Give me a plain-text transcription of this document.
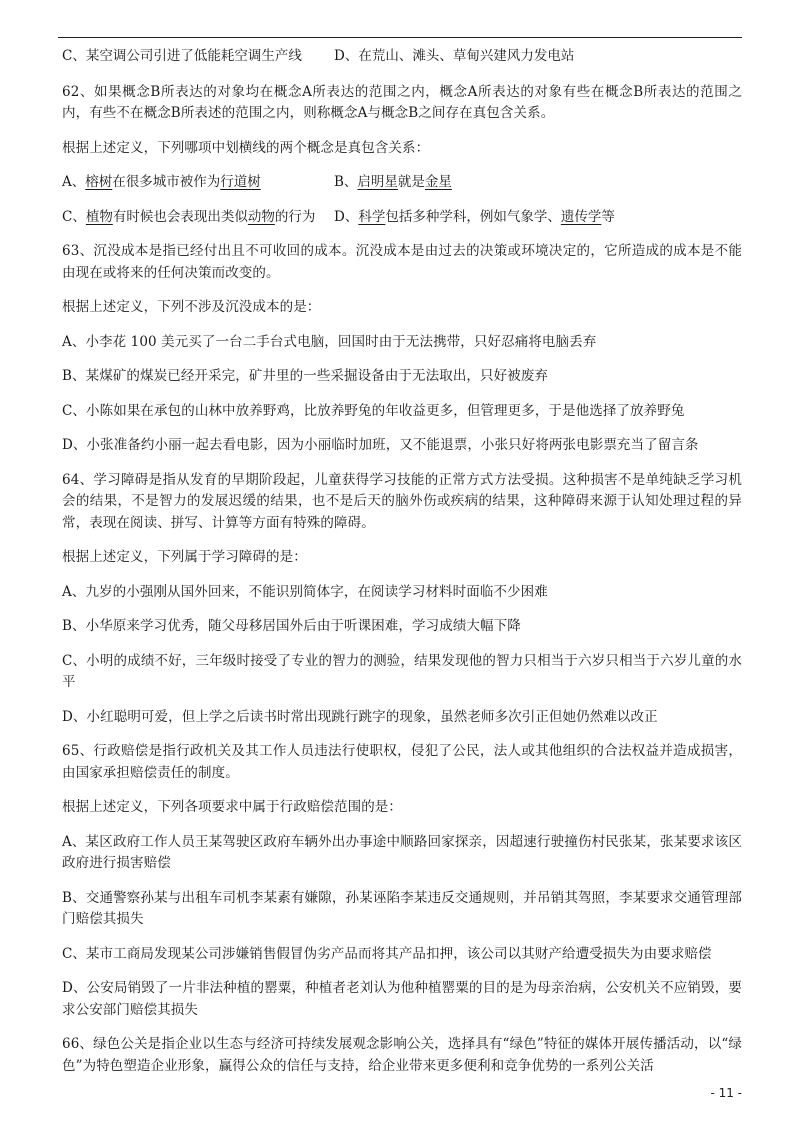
C、某空调公司引进了低能耗空调生产线	D、在荒山、滩头、草甸兴建风力发电站

62、如果概念B所表达的对象均在概念A所表达的范围之内，概念A所表达的对象有些在概念B所表达的范围之内，有些不在概念B所表述的范围之内，则称概念A与概念B之间存在真包含关系。

根据上述定义，下列哪项中划横线的两个概念是真包含关系：

A、榕树在很多城市被作为行道树	B、启明星就是金星
C、植物有时候也会表现出类似动物的行为	D、科学包括多种学科，例如气象学、遗传学等

63、沉没成本是指已经付出且不可收回的成本。沉没成本是由过去的决策或环境决定的，它所造成的成本是不能由现在或将来的任何决策而改变的。

根据上述定义，下列不涉及沉没成本的是：

A、小李花 100 美元买了一台二手台式电脑，回国时由于无法携带，只好忍痛将电脑丢弃

B、某煤矿的煤炭已经开采完，矿井里的一些采掘设备由于无法取出，只好被废弃

C、小陈如果在承包的山林中放养野鸡，比放养野兔的年收益更多，但管理更多，于是他选择了放养野兔

D、小张准备约小丽一起去看电影，因为小丽临时加班，又不能退票，小张只好将两张电影票充当了留言条

64、学习障碍是指从发育的早期阶段起，儿童获得学习技能的正常方式方法受损。这种损害不是单纯缺乏学习机会的结果，不是智力的发展迟缓的结果，也不是后天的脑外伤或疾病的结果，这种障碍来源于认知处理过程的异常，表现在阅读、拼写、计算等方面有特殊的障碍。

根据上述定义，下列属于学习障碍的是：

A、九岁的小强刚从国外回来，不能识别简体字，在阅读学习材料时面临不少困难

B、小华原来学习优秀，随父母移居国外后由于听课困难，学习成绩大幅下降

C、小明的成绩不好，三年级时接受了专业的智力的测验，结果发现他的智力只相当于六岁只相当于六岁儿童的水平

D、小红聪明可爱，但上学之后读书时常出现跳行跳字的现象，虽然老师多次引正但她仍然难以改正

65、行政赔偿是指行政机关及其工作人员违法行使职权，侵犯了公民，法人或其他组织的合法权益并造成损害，由国家承担赔偿责任的制度。

根据上述定义，下列各项要求中属于行政赔偿范围的是：

A、某区政府工作人员王某驾驶区政府车辆外出办事途中顺路回家探亲，因超速行驶撞伤村民张某，张某要求该区政府进行损害赔偿

B、交通警察孙某与出租车司机李某素有嫌隙，孙某诬陷李某违反交通规则，并吊销其驾照，李某要求交通管理部门赔偿其损失

C、某市工商局发现某公司涉嫌销售假冒伪劣产品而将其产品扣押，该公司以其财产给遭受损失为由要求赔偿

D、公安局销毁了一片非法种植的罂粟，种植者老刘认为他种植罂粟的目的是为母亲治病，公安机关不应销毁，要求公安部门赔偿其损失

66、绿色公关是指企业以生态与经济可持续发展观念影响公关，选择具有“绿色”特征的媒体开展传播活动，以“绿色”为特色塑造企业形象，赢得公众的信任与支持，给企业带来更多便利和竞争优势的一系列公关活

- 11 -
